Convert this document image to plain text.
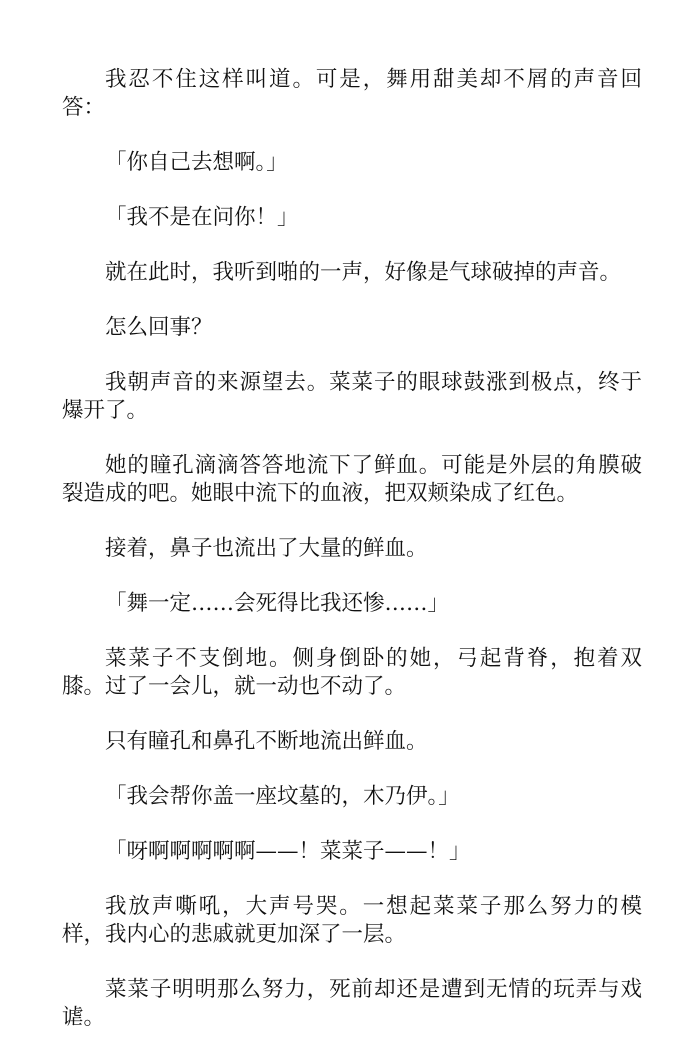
我忍不住这样叫道。可是，舞用甜美却不屑的声音回答：

「你自己去想啊。」

「我不是在问你！」

就在此时，我听到啪的一声，好像是气球破掉的声音。

怎么回事？

我朝声音的来源望去。菜菜子的眼球鼓涨到极点，终于爆开了。

她的瞳孔滴滴答答地流下了鲜血。可能是外层的角膜破裂造成的吧。她眼中流下的血液，把双颊染成了红色。

接着，鼻子也流出了大量的鲜血。

「舞一定……会死得比我还惨……」

菜菜子不支倒地。侧身倒卧的她，弓起背脊，抱着双膝。过了一会儿，就一动也不动了。

只有瞳孔和鼻孔不断地流出鲜血。

「我会帮你盖一座坟墓的，木乃伊。」

「呀啊啊啊啊啊——！菜菜子——！」

我放声嘶吼，大声号哭。一想起菜菜子那么努力的模样，我内心的悲戚就更加深了一层。

菜菜子明明那么努力，死前却还是遭到无情的玩弄与戏谑。
